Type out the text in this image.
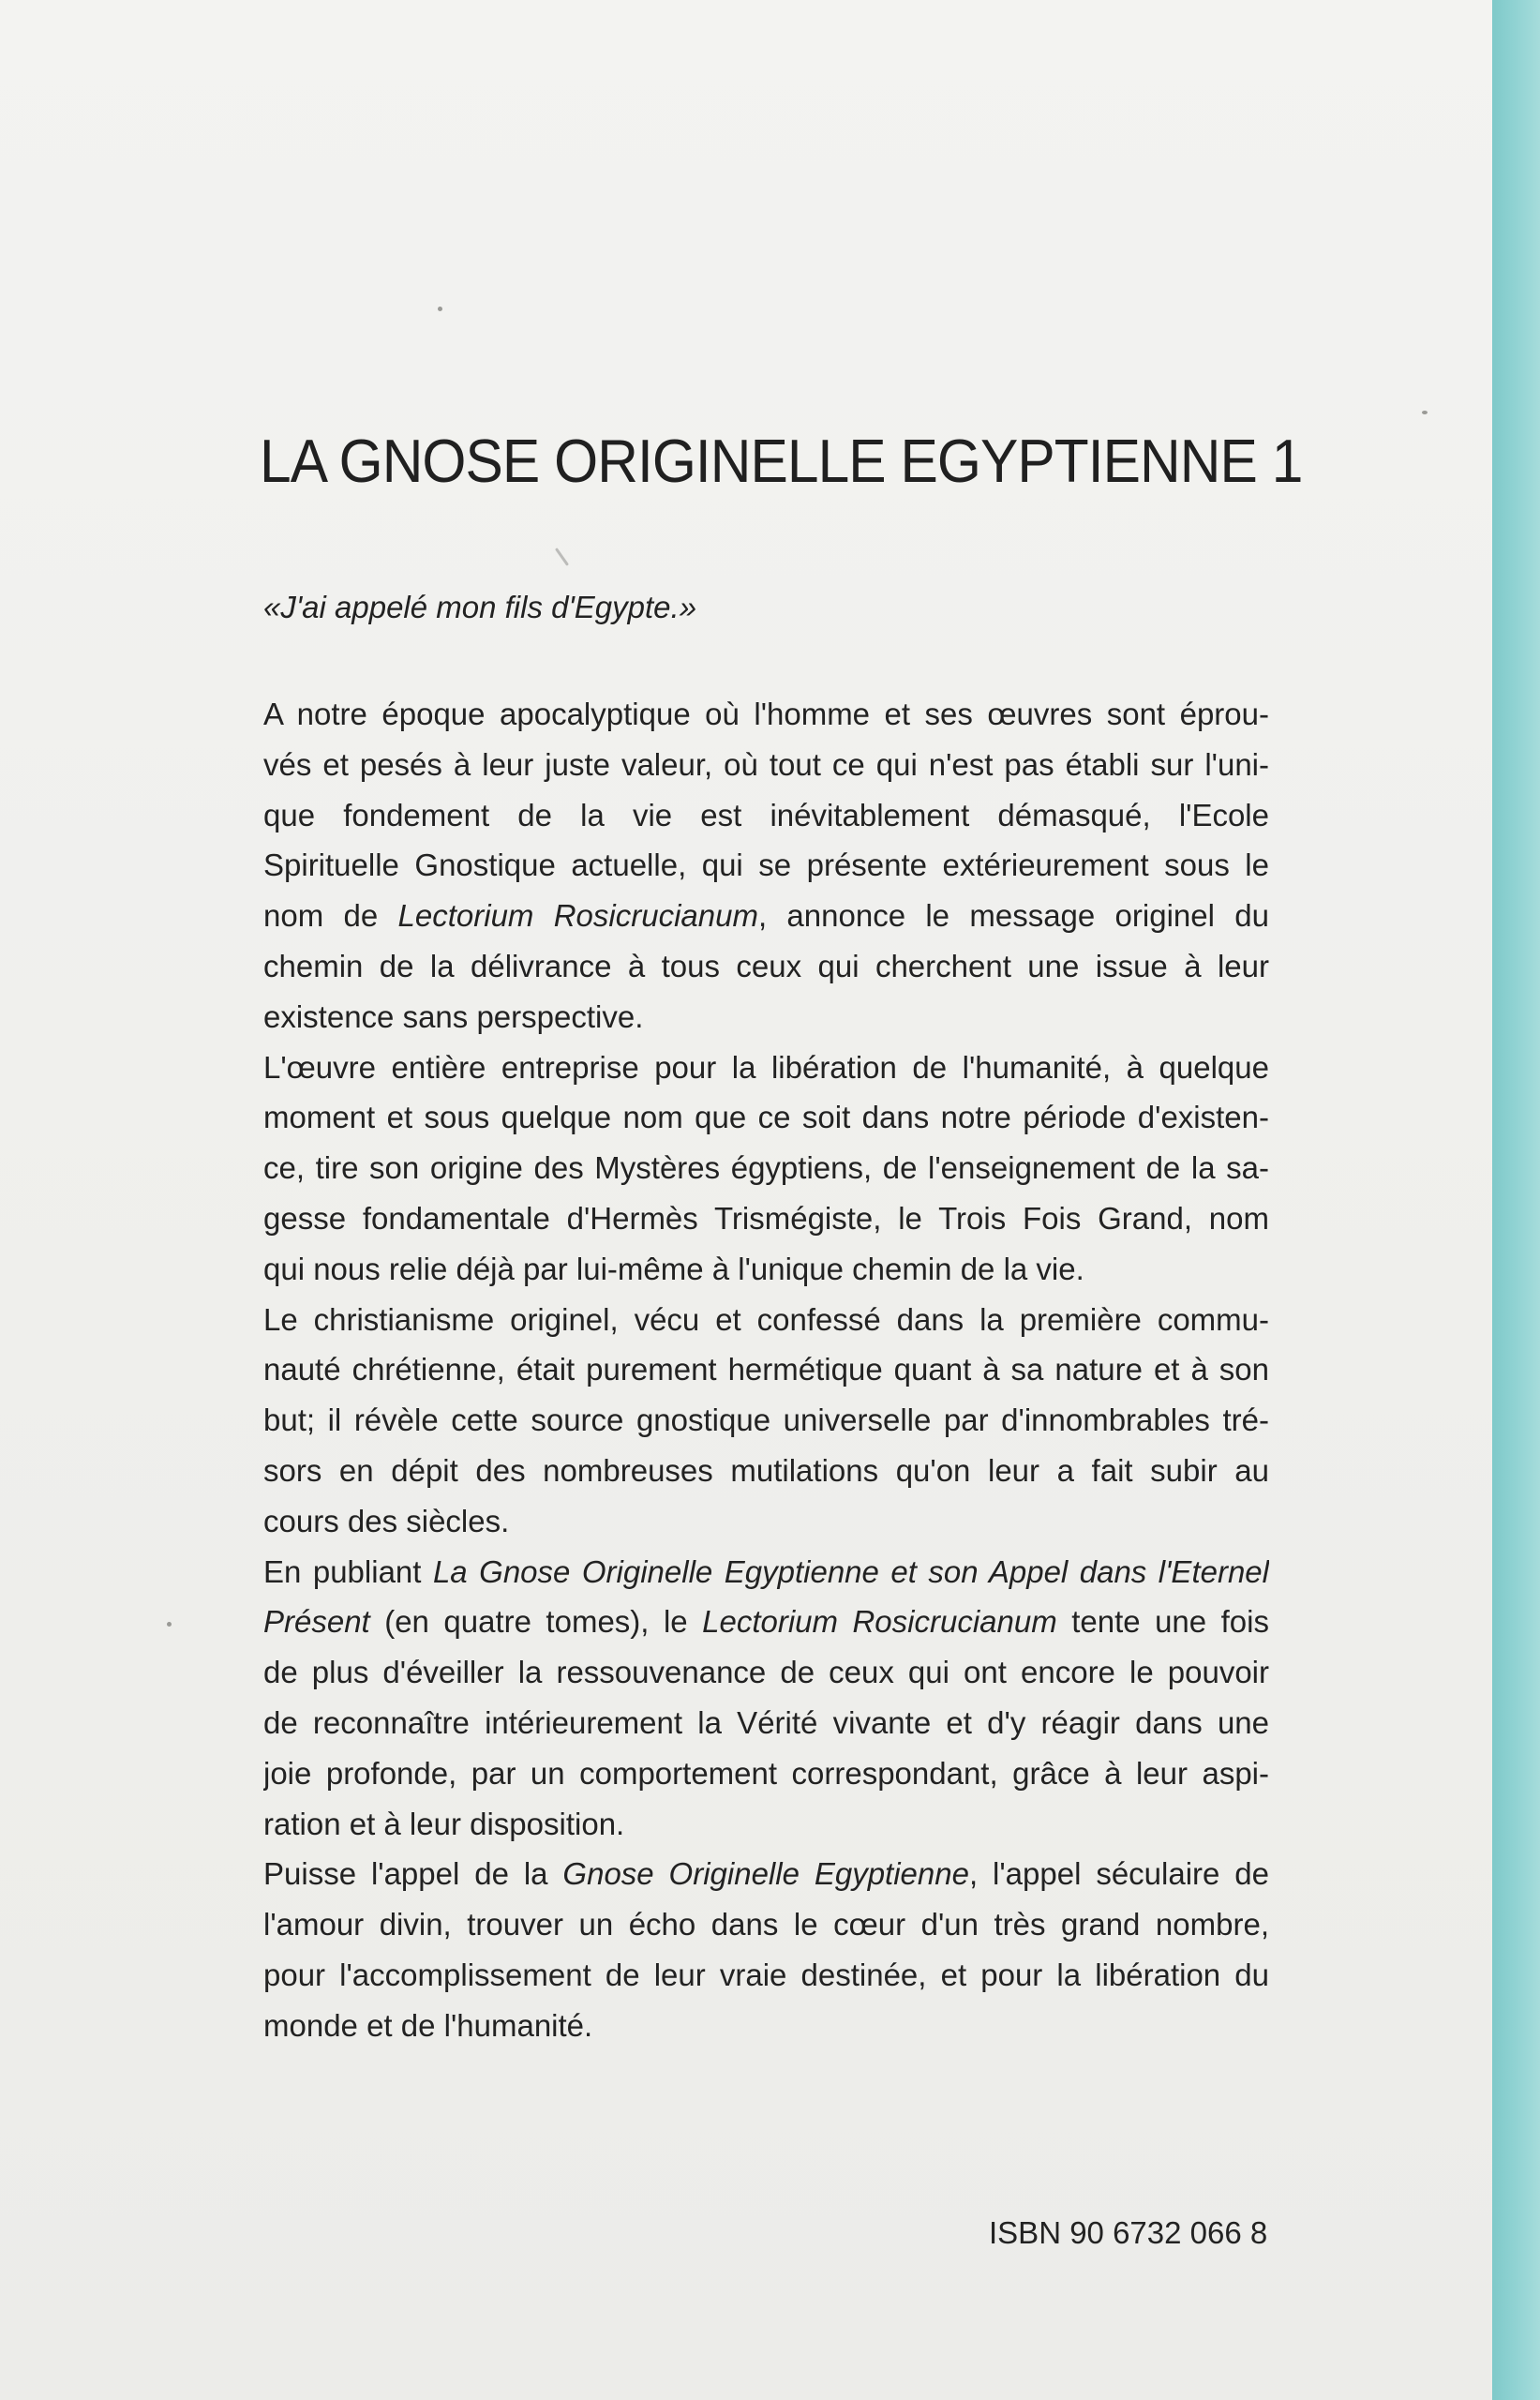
LA GNOSE ORIGINELLE EGYPTIENNE 1
«J'ai appelé mon fils d'Egypte.»
A notre époque apocalyptique où l'homme et ses œuvres sont éprou-
vés et pesés à leur juste valeur, où tout ce qui n'est pas établi sur l'uni-
que fondement de la vie est inévitablement démasqué, l'Ecole
Spirituelle Gnostique actuelle, qui se présente extérieurement sous le
nom de Lectorium Rosicrucianum, annonce le message originel du
chemin de la délivrance à tous ceux qui cherchent une issue à leur
existence sans perspective.
L'œuvre entière entreprise pour la libération de l'humanité, à quelque
moment et sous quelque nom que ce soit dans notre période d'existen-
ce, tire son origine des Mystères égyptiens, de l'enseignement de la sa-
gesse fondamentale d'Hermès Trismégiste, le Trois Fois Grand, nom
qui nous relie déjà par lui-même à l'unique chemin de la vie.
Le christianisme originel, vécu et confessé dans la première commu-
nauté chrétienne, était purement hermétique quant à sa nature et à son
but; il révèle cette source gnostique universelle par d'innombrables tré-
sors en dépit des nombreuses mutilations qu'on leur a fait subir au
cours des siècles.
En publiant La Gnose Originelle Egyptienne et son Appel dans l'Eternel
Présent (en quatre tomes), le Lectorium Rosicrucianum tente une fois
de plus d'éveiller la ressouvenance de ceux qui ont encore le pouvoir
de reconnaître intérieurement la Vérité vivante et d'y réagir dans une
joie profonde, par un comportement correspondant, grâce à leur aspi-
ration et à leur disposition.
Puisse l'appel de la Gnose Originelle Egyptienne, l'appel séculaire de
l'amour divin, trouver un écho dans le cœur d'un très grand nombre,
pour l'accomplissement de leur vraie destinée, et pour la libération du
monde et de l'humanité.
ISBN 90 6732 066 8
